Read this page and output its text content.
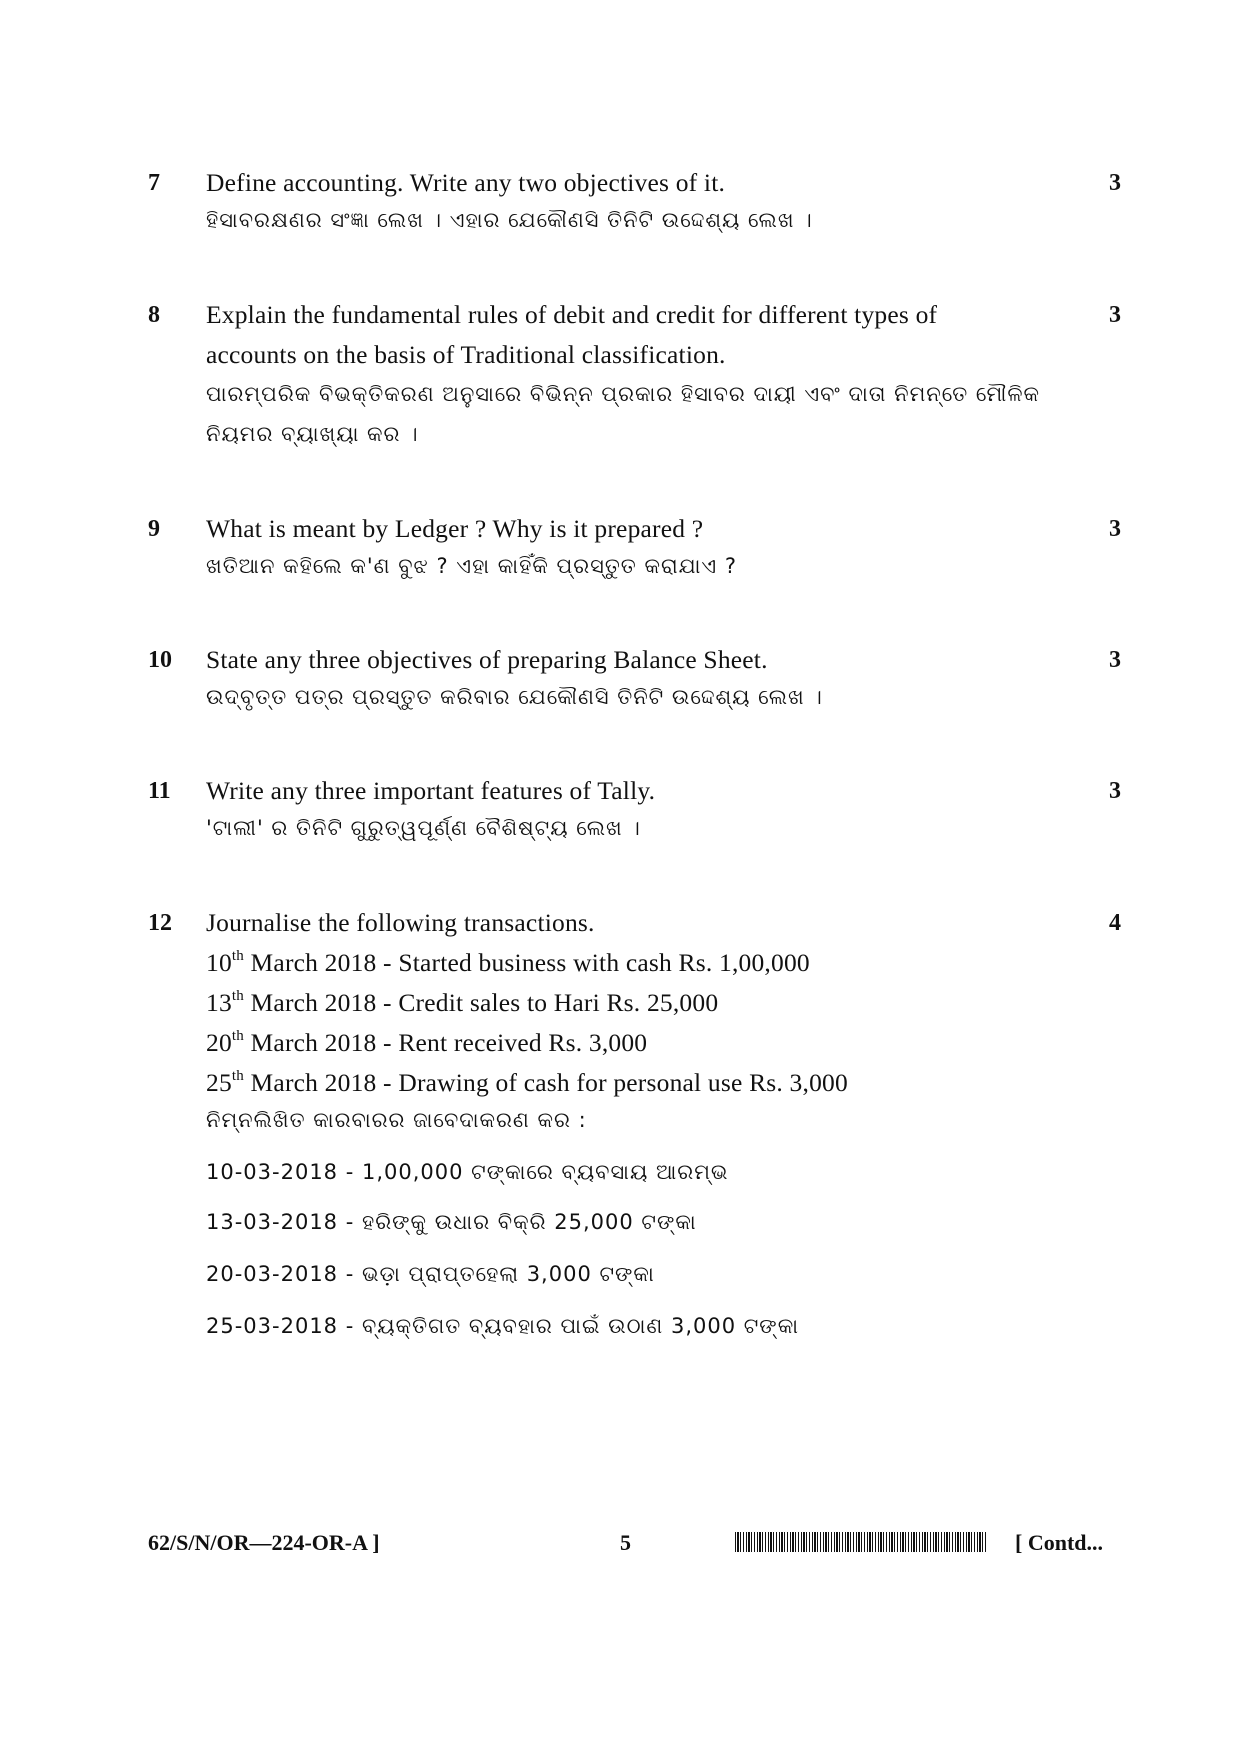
7 Define accounting. Write any two objectives of it.	3
ହିସାବରକ୍ଷଣର ସଂଜ୍ଞା ଲେଖ । ଏହାର ଯେକୌଣସି ତିନିଟି ଉଦ୍ଦେଶ୍ୟ ଲେଖ ।
8 Explain the fundamental rules of debit and credit for different types of	3
accounts on the basis of Traditional classification.
ପାରମ୍ପରିକ ବିଭକ୍ତିକରଣ ଅନୁସାରେ ବିଭିନ୍ନ ପ୍ରକାର ହିସାବର ଦାୟୀ ଏବଂ ଦାତା ନିମନ୍ତେ ମୌଳିକ
ନିୟମର ବ୍ୟାଖ୍ୟା କର ।
9 What is meant by Ledger ? Why is it prepared ?	3
ଖତିଆନ କହିଲେ କ'ଣ ବୁଝ ? ଏହା କାହିଁକି ପ୍ରସ୍ତୁତ କରାଯାଏ ?
10 State any three objectives of preparing Balance Sheet.	3
ଉଦ୍‌ବୃତ୍ତ ପତ୍ର ପ୍ରସ୍ତୁତ କରିବାର ଯେକୌଣସି ତିନିଟି ଉଦ୍ଦେଶ୍ୟ ଲେଖ ।
11 Write any three important features of Tally.	3
'ଟାଲୀ' ର ତିନିଟି ଗୁରୁତ୍ୱପୂର୍ଣ୍ଣ ବୈଶିଷ୍ଟ୍ୟ ଲେଖ ।
12 Journalise the following transactions.	4
10th March 2018 - Started business with cash Rs. 1,00,000
13th March 2018 - Credit sales to Hari Rs. 25,000
20th March 2018 - Rent received Rs. 3,000
25th March 2018 - Drawing of cash for personal use Rs. 3,000
ନିମ୍ନଲିଖିତ କାରବାରର ଜାବେଦାକରଣ କର :
10-03-2018 - 1,00,000 ଟଙ୍କାରେ ବ୍ୟବସାୟ ଆରମ୍ଭ
13-03-2018 - ହରିଙ୍କୁ ଉଧାର ବିକ୍ରି 25,000 ଟଙ୍କା
20-03-2018 - ଭଡ଼ା ପ୍ରାପ୍ତହେଲା 3,000 ଟଙ୍କା
25-03-2018 - ବ୍ୟକ୍ତିଗତ ବ୍ୟବହାର ପାଇଁ ଉଠାଣ 3,000 ଟଙ୍କା
62/S/N/OR—224-OR-A ]	5	[ Contd...
